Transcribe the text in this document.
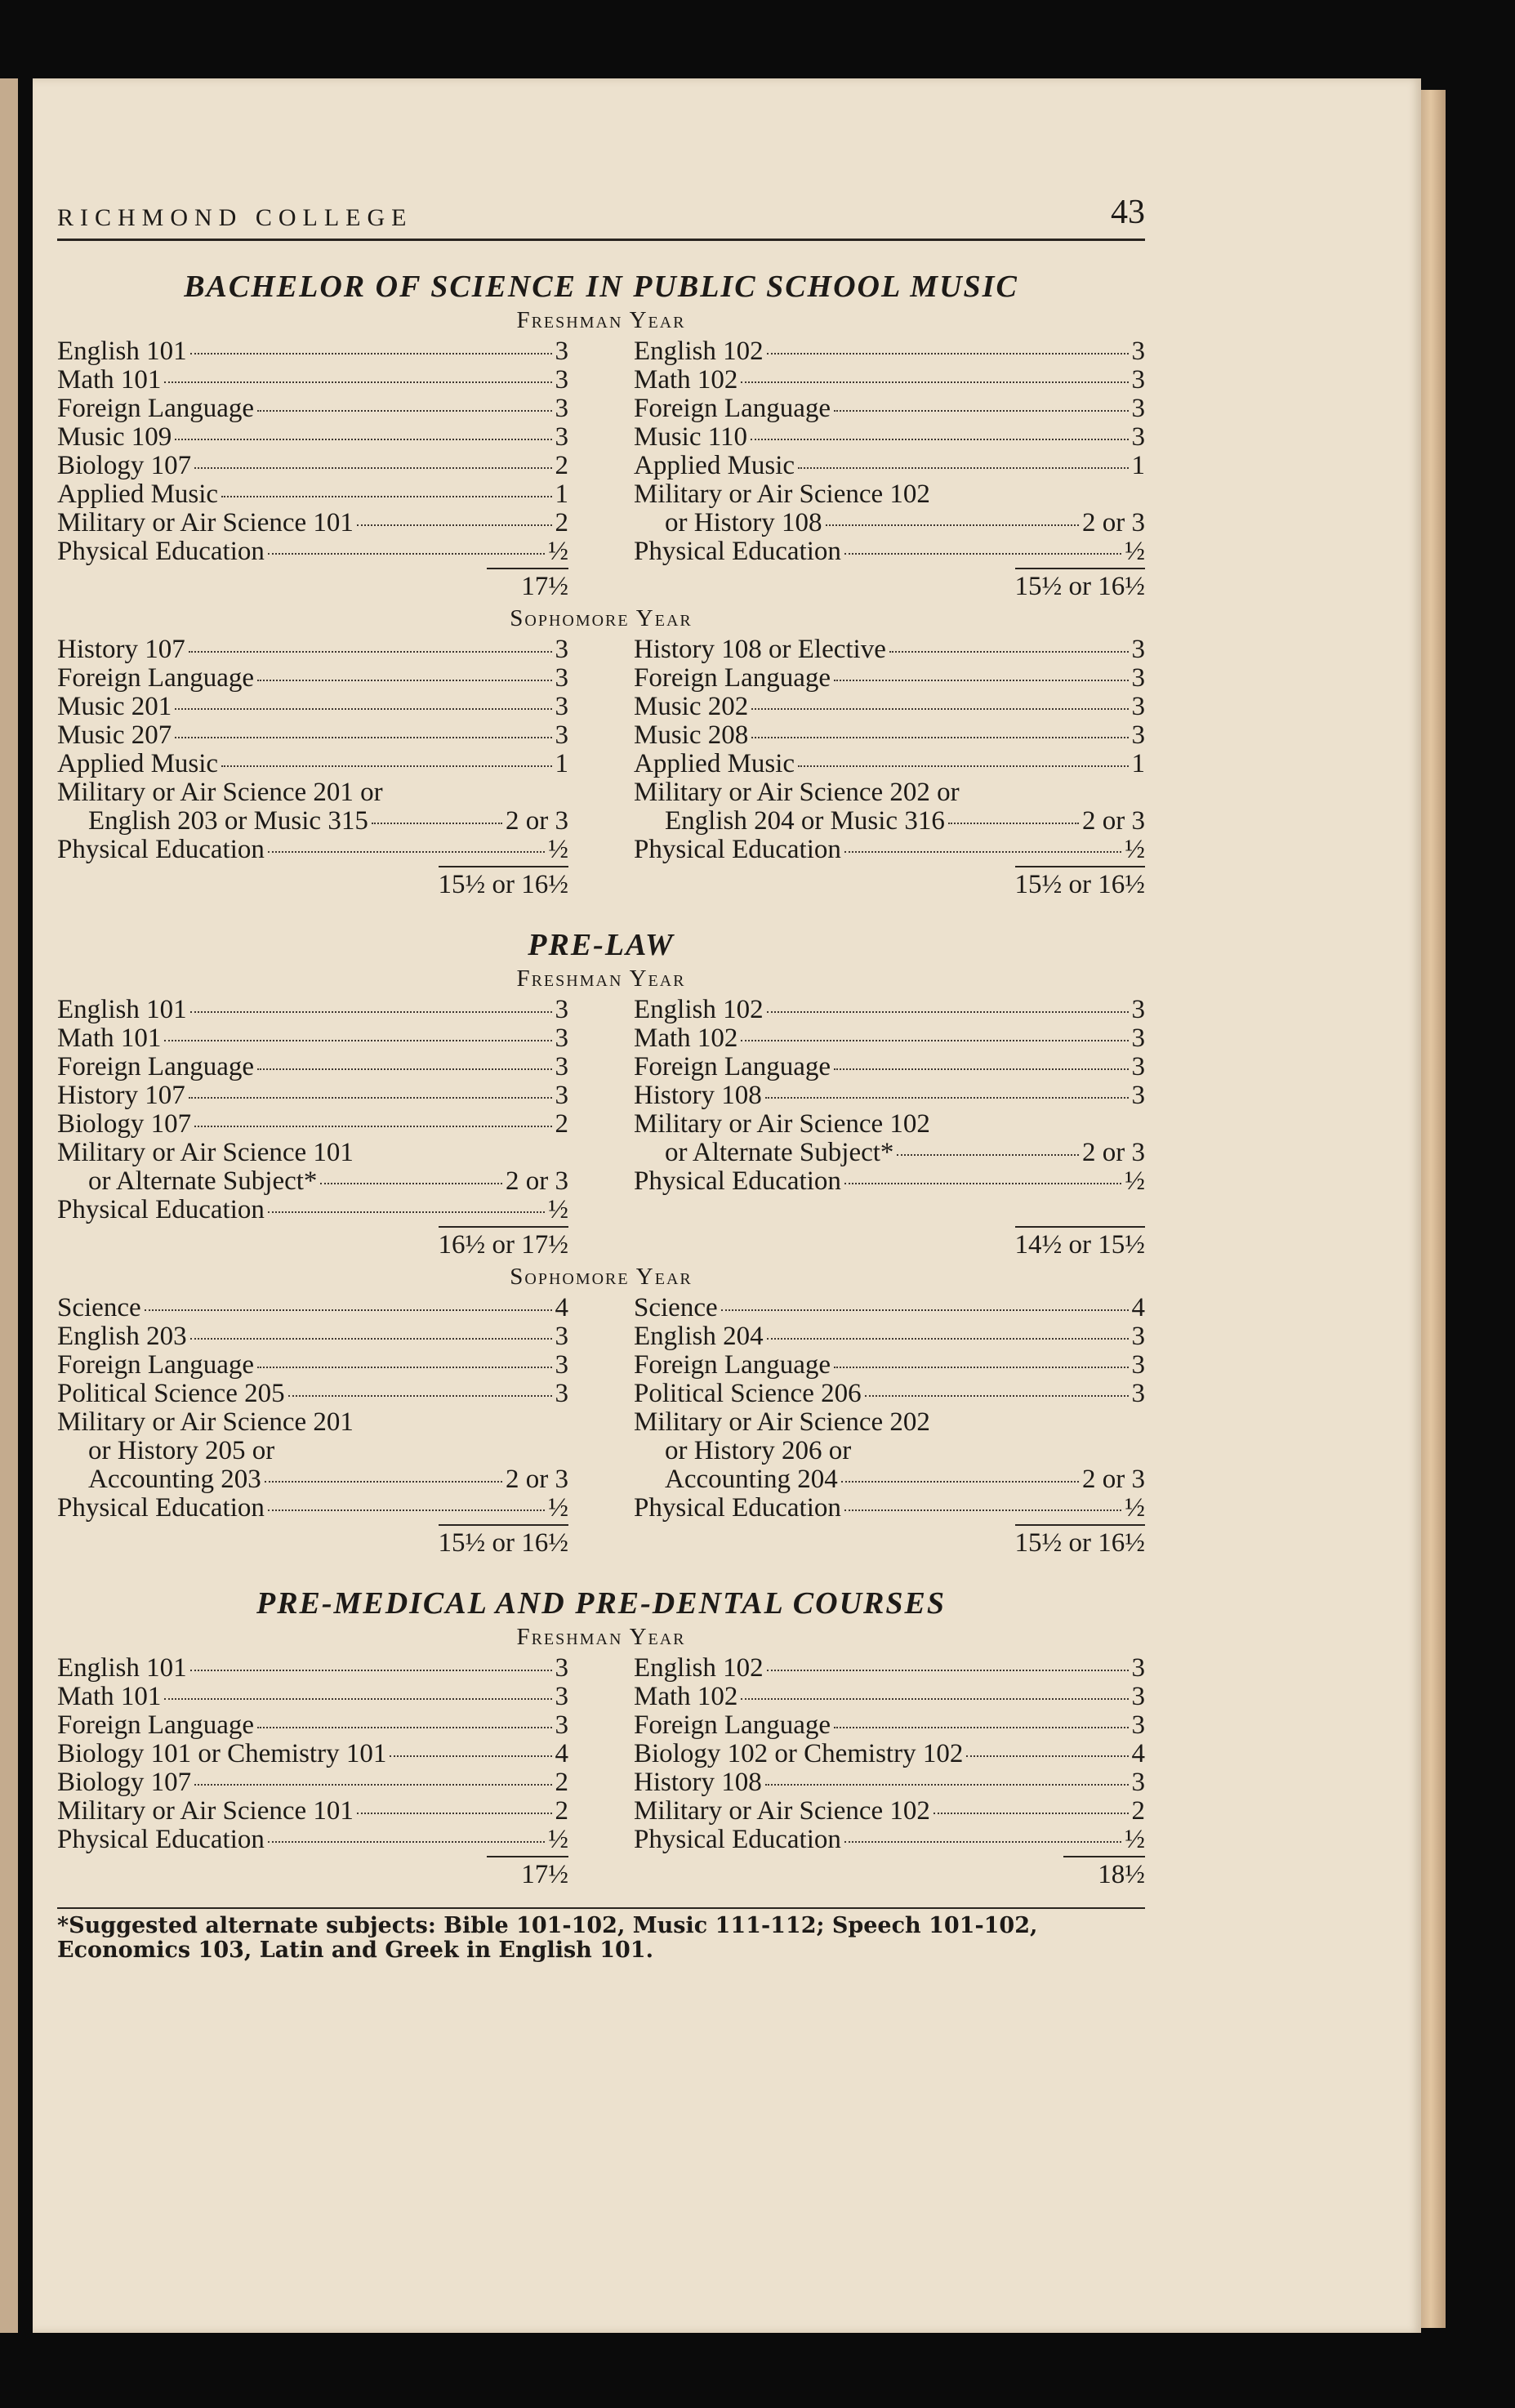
RICHMOND COLLEGE	43
BACHELOR OF SCIENCE IN PUBLIC SCHOOL MUSIC
Freshman Year
English 101	3
Math 101	3
Foreign Language	3
Music 109	3
Biology 107	2
Applied Music	1
Military or Air Science 101	2
Physical Education	½
17½
English 102	3
Math 102	3
Foreign Language	3
Music 110	3
Applied Music	1
Military or Air Science 102
or History 108	2 or 3
Physical Education	½
15½ or 16½
Sophomore Year
History 107	3
Foreign Language	3
Music 201	3
Music 207	3
Applied Music	1
Military or Air Science 201 or
English 203 or Music 315	2 or 3
Physical Education	½
15½ or 16½
History 108 or Elective	3
Foreign Language	3
Music 202	3
Music 208	3
Applied Music	1
Military or Air Science 202 or
English 204 or Music 316	2 or 3
Physical Education	½
15½ or 16½
PRE-LAW
Freshman Year
English 101	3
Math 101	3
Foreign Language	3
History 107	3
Biology 107	2
Military or Air Science 101
or Alternate Subject*	2 or 3
Physical Education	½
16½ or 17½
English 102	3
Math 102	3
Foreign Language	3
History 108	3
Military or Air Science 102
or Alternate Subject*	2 or 3
Physical Education	½

14½ or 15½
Sophomore Year
Science	4
English 203	3
Foreign Language	3
Political Science 205	3
Military or Air Science 201
or History 205 or
Accounting 203	2 or 3
Physical Education	½
15½ or 16½
Science	4
English 204	3
Foreign Language	3
Political Science 206	3
Military or Air Science 202
or History 206 or
Accounting 204	2 or 3
Physical Education	½
15½ or 16½
PRE-MEDICAL AND PRE-DENTAL COURSES
Freshman Year
English 101	3
Math 101	3
Foreign Language	3
Biology 101 or Chemistry 101	4
Biology 107	2
Military or Air Science 101	2
Physical Education	½
17½
English 102	3
Math 102	3
Foreign Language	3
Biology 102 or Chemistry 102	4
History 108	3
Military or Air Science 102	2
Physical Education	½
18½
*Suggested alternate subjects: Bible 101-102, Music 111-112; Speech 101-102, Economics 103, Latin and Greek in English 101.
